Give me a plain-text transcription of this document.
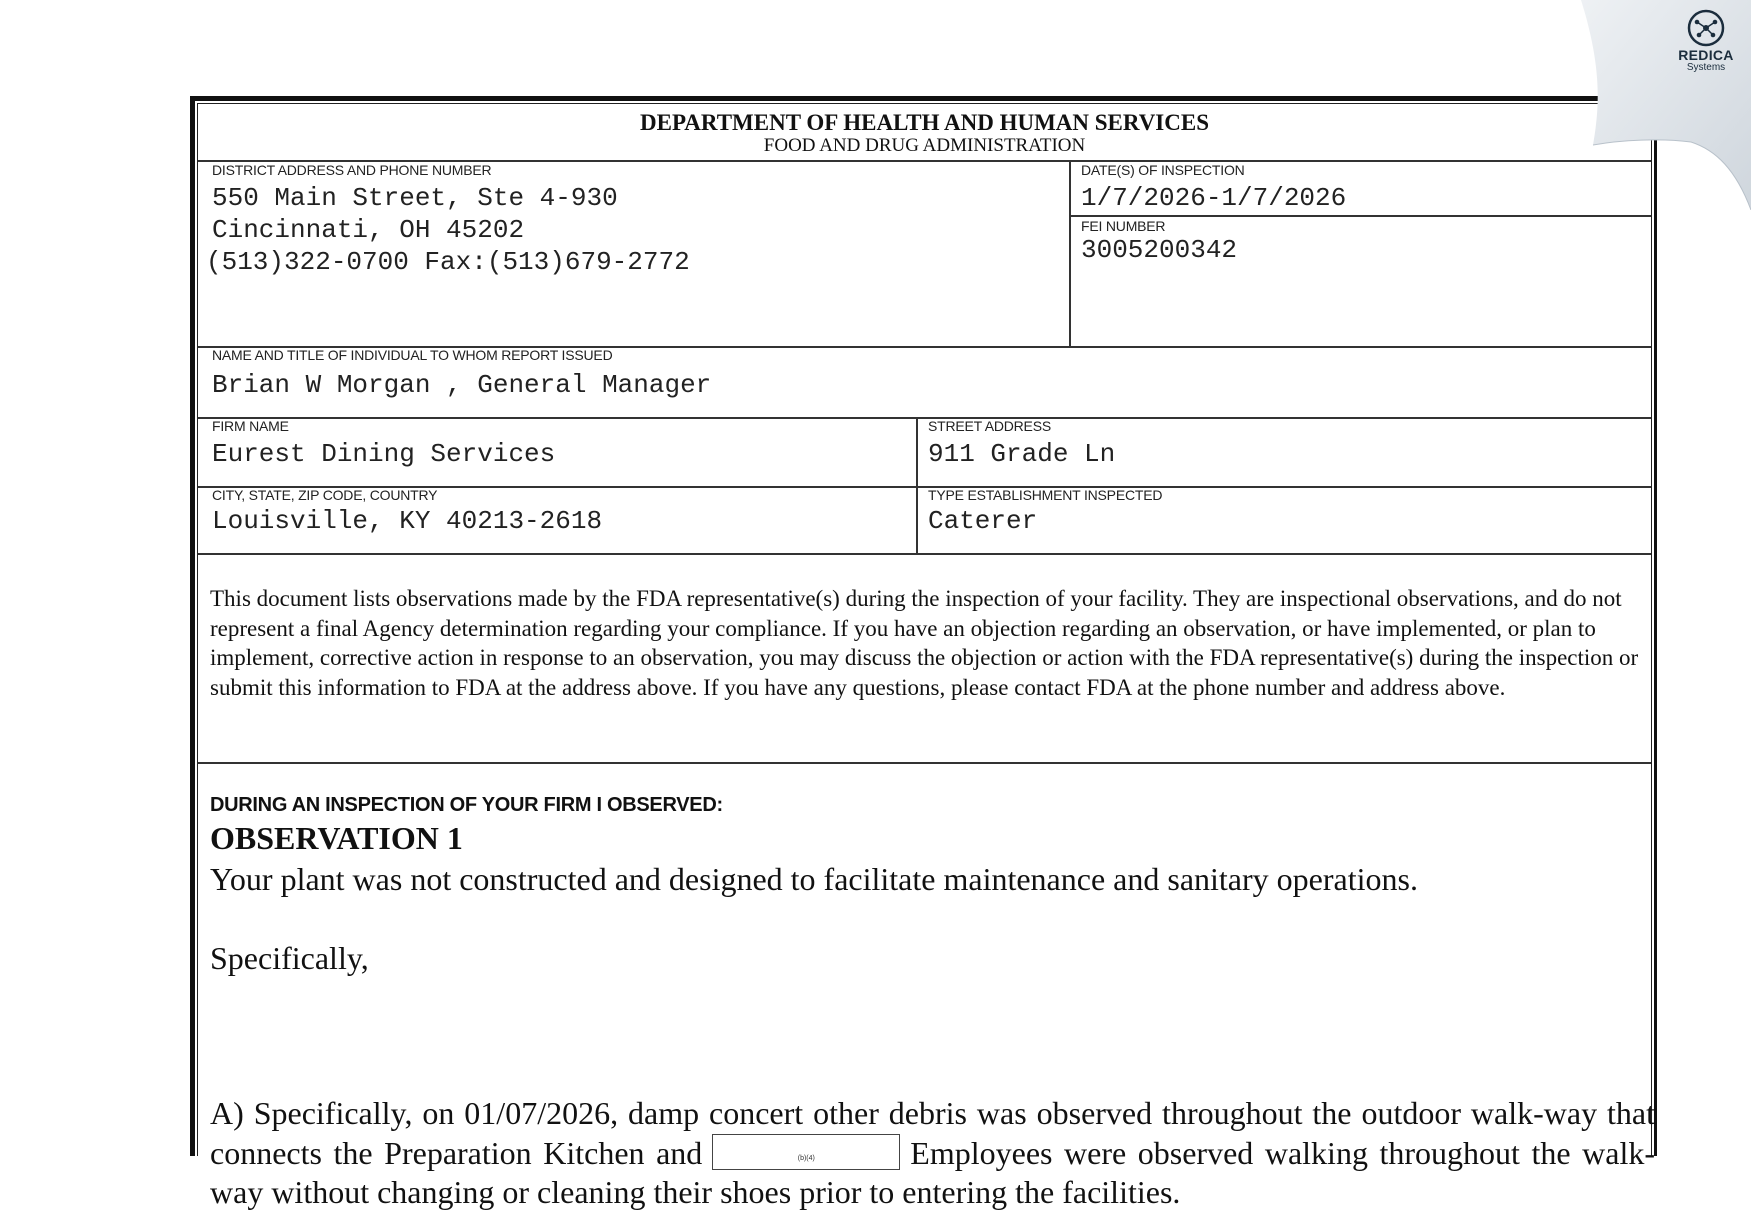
REDICA
Systems
DEPARTMENT OF HEALTH AND HUMAN SERVICES
FOOD AND DRUG ADMINISTRATION
DISTRICT ADDRESS AND PHONE NUMBER
550 Main Street, Ste 4-930
Cincinnati, OH 45202
(513)322-0700 Fax:(513)679-2772
DATE(S) OF INSPECTION
1/7/2026-1/7/2026
FEI NUMBER
3005200342
NAME AND TITLE OF INDIVIDUAL TO WHOM REPORT ISSUED
Brian W Morgan , General Manager
FIRM NAME
Eurest Dining Services
STREET ADDRESS
911 Grade Ln
CITY, STATE, ZIP CODE, COUNTRY
Louisville, KY 40213-2618
TYPE ESTABLISHMENT INSPECTED
Caterer
This document lists observations made by the FDA representative(s) during the inspection of your facility. They are inspectional observations, and do not represent a final Agency determination regarding your compliance. If you have an objection regarding an observation, or have implemented, or plan to implement, corrective action in response to an observation, you may discuss the objection or action with the FDA representative(s) during the inspection or submit this information to FDA at the address above. If you have any questions, please contact FDA at the phone number and address above.
DURING AN INSPECTION OF YOUR FIRM I OBSERVED:
OBSERVATION 1
Your plant was not constructed and designed to facilitate maintenance and sanitary operations.
Specifically,
A) Specifically, on 01/07/2026, damp concert other debris was observed throughout the outdoor walk-way that connects the Preparation Kitchen and	(b)(4)	Employees were observed walking throughout the walk-way without changing or cleaning their shoes prior to entering the facilities.
